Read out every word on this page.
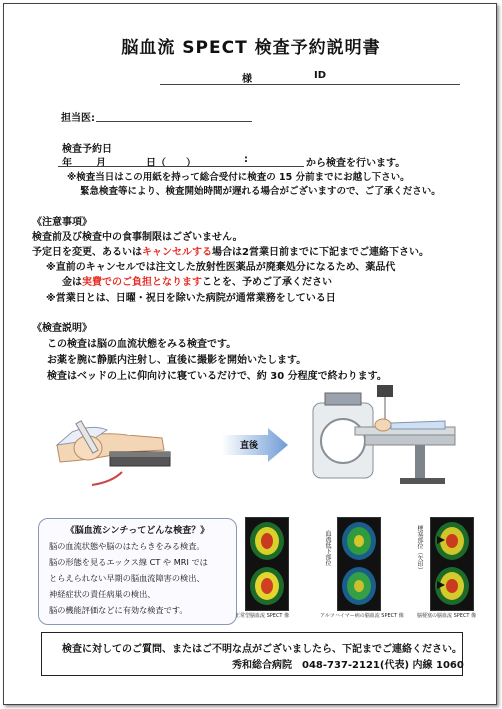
脳血流 SPECT 検査予約説明書
様	ID
担当医:
検査予約日
年 月	日（　　）	:	から検査を行います。
※検査当日はこの用紙を持って総合受付に検査の 15 分前までにお越し下さい。
緊急検査等により、検査開始時間が遅れる場合がございますので、ご了承ください。
《注意事項》
検査前及び検査中の食事制限はございません。
予定日を変更、あるいはキャンセルする場合は2営業日前までに下記までご連絡下さい。
※直前のキャンセルでは注文した放射性医薬品が廃棄処分になるため、薬品代
金は実費でのご負担となりますことを、予めご了承ください
※営業日とは、日曜・祝日を除いた病院が通常業務をしている日
《検査説明》
この検査は脳の血流状態をみる検査です。
お薬を腕に静脈内注射し、直後に撮影を開始いたします。
検査はベッドの上に仰向けに寝ているだけで、約 30 分程度で終わります。
直後
《脳血流シンチってどんな検査？》
脳の血流状態や脳のはたらきをみる検査。
脳の形態を見るエックス線 CT や MRI では
とらえられない早期の脳血流障害の検出、
神経症状の責任病巣の検出、
脳の機能評価などに有効な検査です。
正常型脳血流 SPECT 像
血流低下部位
アルツハイマー病の脳血流 SPECT 像
梗塞部位（矢印）
脳梗塞の脳血流 SPECT 像
検査に対してのご質問、またはご不明な点がございましたら、下記までご連絡ください。
秀和総合病院　048-737-2121(代表) 内線 1060
